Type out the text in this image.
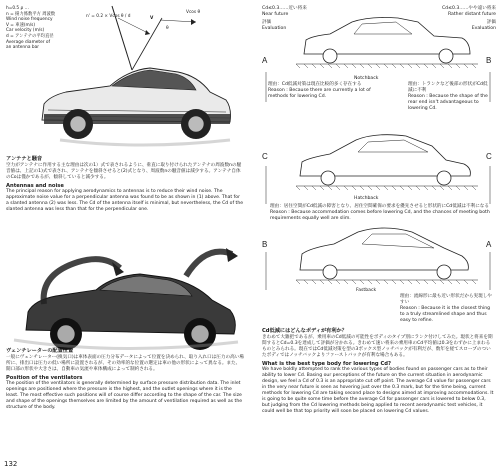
h=0.5 ρ …
n = 揚力係数平方 周波数
Wind noise frequency
V = 車速(m/s)
Car velocity (m/s)
d = アンテナの平均直径
Average diameter of
an antenna bar
n' = 0.2 × Vcos θ / d	V
Vcos θ
θ
アンテナと騒音
空力がアンテナに作用する主な理由は次の1）式で表されるように、垂直に取り付けられたアンテナの周波数nの騒音値は、上記の1)式で表され、アンテナを傾斜させると(2)式となり、周波数nの騒音値は減少する。アンテナ自体のCoは僅かであるが、傾斜していると減少する。
Antennas and noise
The principal reason for applying aerodynamics to antennas is to reduce their wind noise. The approximate noise value for a perpendicular antenna was found to be as shown in (1) above. That for a slanted antenna (2) was less. The Cd of the antenna itself is minimal, but nevertheless, the Cd of the slanted antenna was less than that for the perpendicular one.
ヴェンチレーターの配置位置
一般にヴェンチレーター(換気口)は車体表面の圧力分布データによって位置を決められ、取り入れ口は圧力の高い場所に、排出口は圧力の低い場所に設置されるが、その効率的な位置の選定は車の他の形状によって異なる。また、開口部の形状や大きさは、自動車の気流や車体構成によって制約される。
Position of the ventilators
The position of the ventilators is generally determined by surface pressure distribution data. The inlet openings are positioned where the pressure is the highest, and the outlet openings where it is the least. The most effective such positions will of course differ according to the shape of the car. The size and shape of the openings themselves are limited by the amount of ventilation required as well as the structure of the body.
132
Cd≤0.3……近い将来
Near future
評価
Evaluation
Cd≤0.3……やや遠い将来
Rather distant future
評価
Evaluation
A	B
Notchback
理由：Cd低減対策は現在比較的多く存在する
Reason : Because there are currently a lot of methods for lowering Cd.
理由：トランクなど後部の形状がCd低減に不利
Reason : Because the shape of the rear end isn't advantageous to lowering Cd.
C	C
Hatchback
理由：居住空間がCd低減の障害となり、居住空間確保の要求を優先させると形状的にCd低減は不利になる
Reason : Because accommodation comes before lowering Cd, and the chances of meeting both requirements equally well are slim.
B	A
Fastback
理由：流線形に最も近い形状だから実現しやすい
Reason : Because it is the closest thing to a truly streamlined shape and thus easy to refine.
Cd低減にはどんなボディが有利か？
きわめて大雑把であるが、乗用車のCd低減の可能性をボディのタイプ別にランク付けしてみた。現状と将来を期間するとCd=0.3を達成して評価が分かれる。きわめて速い将来の乗用車のCd平均値は0.3をわずかに上まわるものとみられる。現在ではCd低減対策を型の3ボックス型ノッチバックが有利だが、数年を経てスロープのついたボディではノッチバックよりファーストバックが有利な場合もある。
What is the best type body for lowering Cd?
We have boldly attempted to rank the various types of bodies found on passenger cars as to their ability to lower Cd. Basing our perceptions of the future on the current situation in aerodynamic design, we feel a Cd of 0.3 is an appropriate cut off point. The average Cd value for passenger cars in the very near future is seen as hovering just over the 0.3 mark, but for the time being, current methods for lowering Cd are taking second place to designs aimed at improving accommodations. It is going to be quite some time before the average Cd for passenger cars is lowered to below 0.3, but judging from the Cd lowering methods being applied to recent aerodynamic test vehicles, it could well be that top priority will soon be placed on lowering Cd values.
